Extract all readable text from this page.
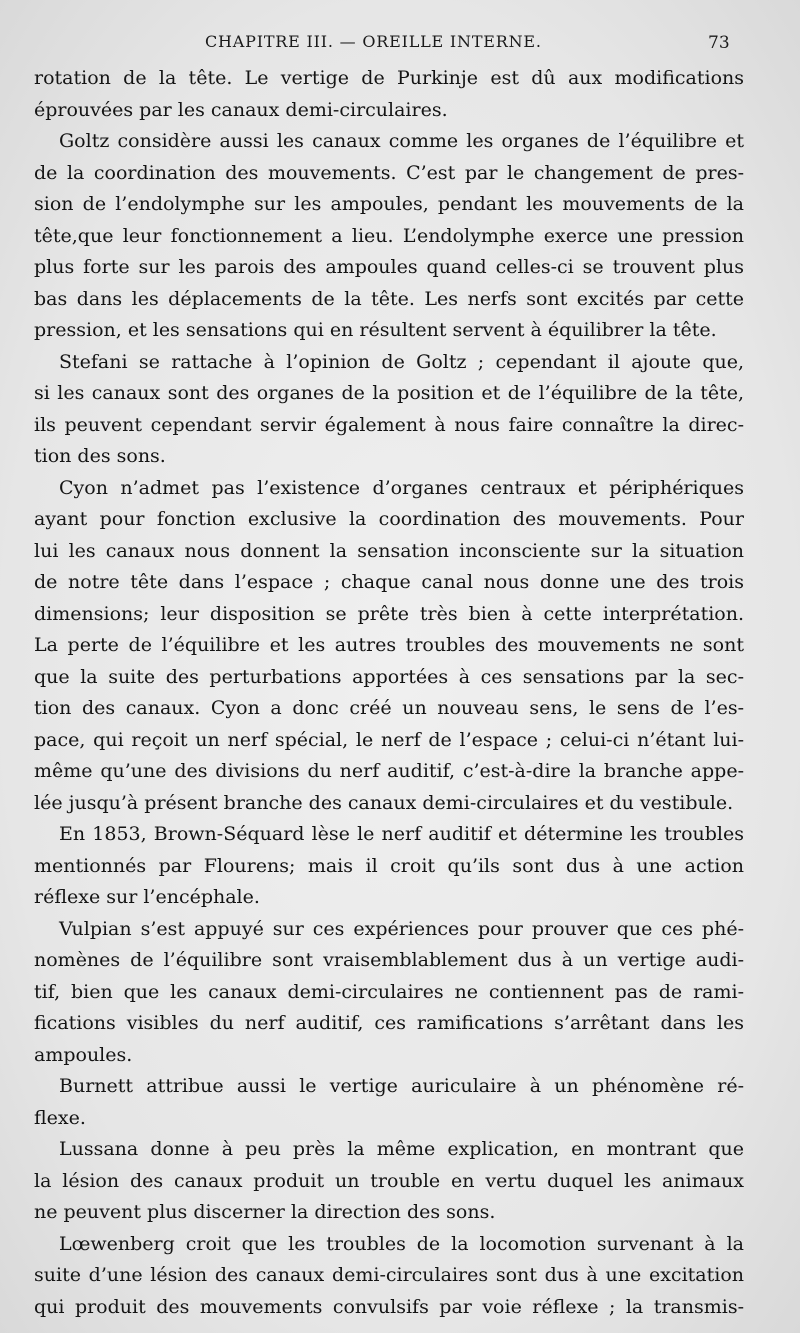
CHAPITRE III. — OREILLE INTERNE.	73
rotation de la tête. Le vertige de Purkinje est dû aux modifications
éprouvées par les canaux demi-circulaires.
Goltz considère aussi les canaux comme les organes de l’équilibre et
de la coordination des mouvements. C’est par le changement de pres-
sion de l’endolymphe sur les ampoules, pendant les mouvements de la
tête,que leur fonctionnement a lieu. L’endolymphe exerce une pression
plus forte sur les parois des ampoules quand celles-ci se trouvent plus
bas dans les déplacements de la tête. Les nerfs sont excités par cette
pression, et les sensations qui en résultent servent à équilibrer la tête.
Stefani se rattache à l’opinion de Goltz ; cependant il ajoute que,
si les canaux sont des organes de la position et de l’équilibre de la tête,
ils peuvent cependant servir également à nous faire connaître la direc-
tion des sons.
Cyon n’admet pas l’existence d’organes centraux et périphériques
ayant pour fonction exclusive la coordination des mouvements. Pour
lui les canaux nous donnent la sensation inconsciente sur la situation
de notre tête dans l’espace ; chaque canal nous donne une des trois
dimensions; leur disposition se prête très bien à cette interprétation.
La perte de l’équilibre et les autres troubles des mouvements ne sont
que la suite des perturbations apportées à ces sensations par la sec-
tion des canaux. Cyon a donc créé un nouveau sens, le sens de l’es-
pace, qui reçoit un nerf spécial, le nerf de l’espace ; celui-ci n’étant lui-
même qu’une des divisions du nerf auditif, c’est-à-dire la branche appe-
lée jusqu’à présent branche des canaux demi-circulaires et du vestibule.
En 1853, Brown-Séquard lèse le nerf auditif et détermine les troubles
mentionnés par Flourens; mais il croit qu’ils sont dus à une action
réflexe sur l’encéphale.
Vulpian s’est appuyé sur ces expériences pour prouver que ces phé-
nomènes de l’équilibre sont vraisemblablement dus à un vertige audi-
tif, bien que les canaux demi-circulaires ne contiennent pas de rami-
fications visibles du nerf auditif, ces ramifications s’arrêtant dans les
ampoules.
Burnett attribue aussi le vertige auriculaire à un phénomène ré-
flexe.
Lussana donne à peu près la même explication, en montrant que
la lésion des canaux produit un trouble en vertu duquel les animaux
ne peuvent plus discerner la direction des sons.
Lœwenberg croit que les troubles de la locomotion survenant à la
suite d’une lésion des canaux demi-circulaires sont dus à une excitation
qui produit des mouvements convulsifs par voie réflexe ; la transmis-
